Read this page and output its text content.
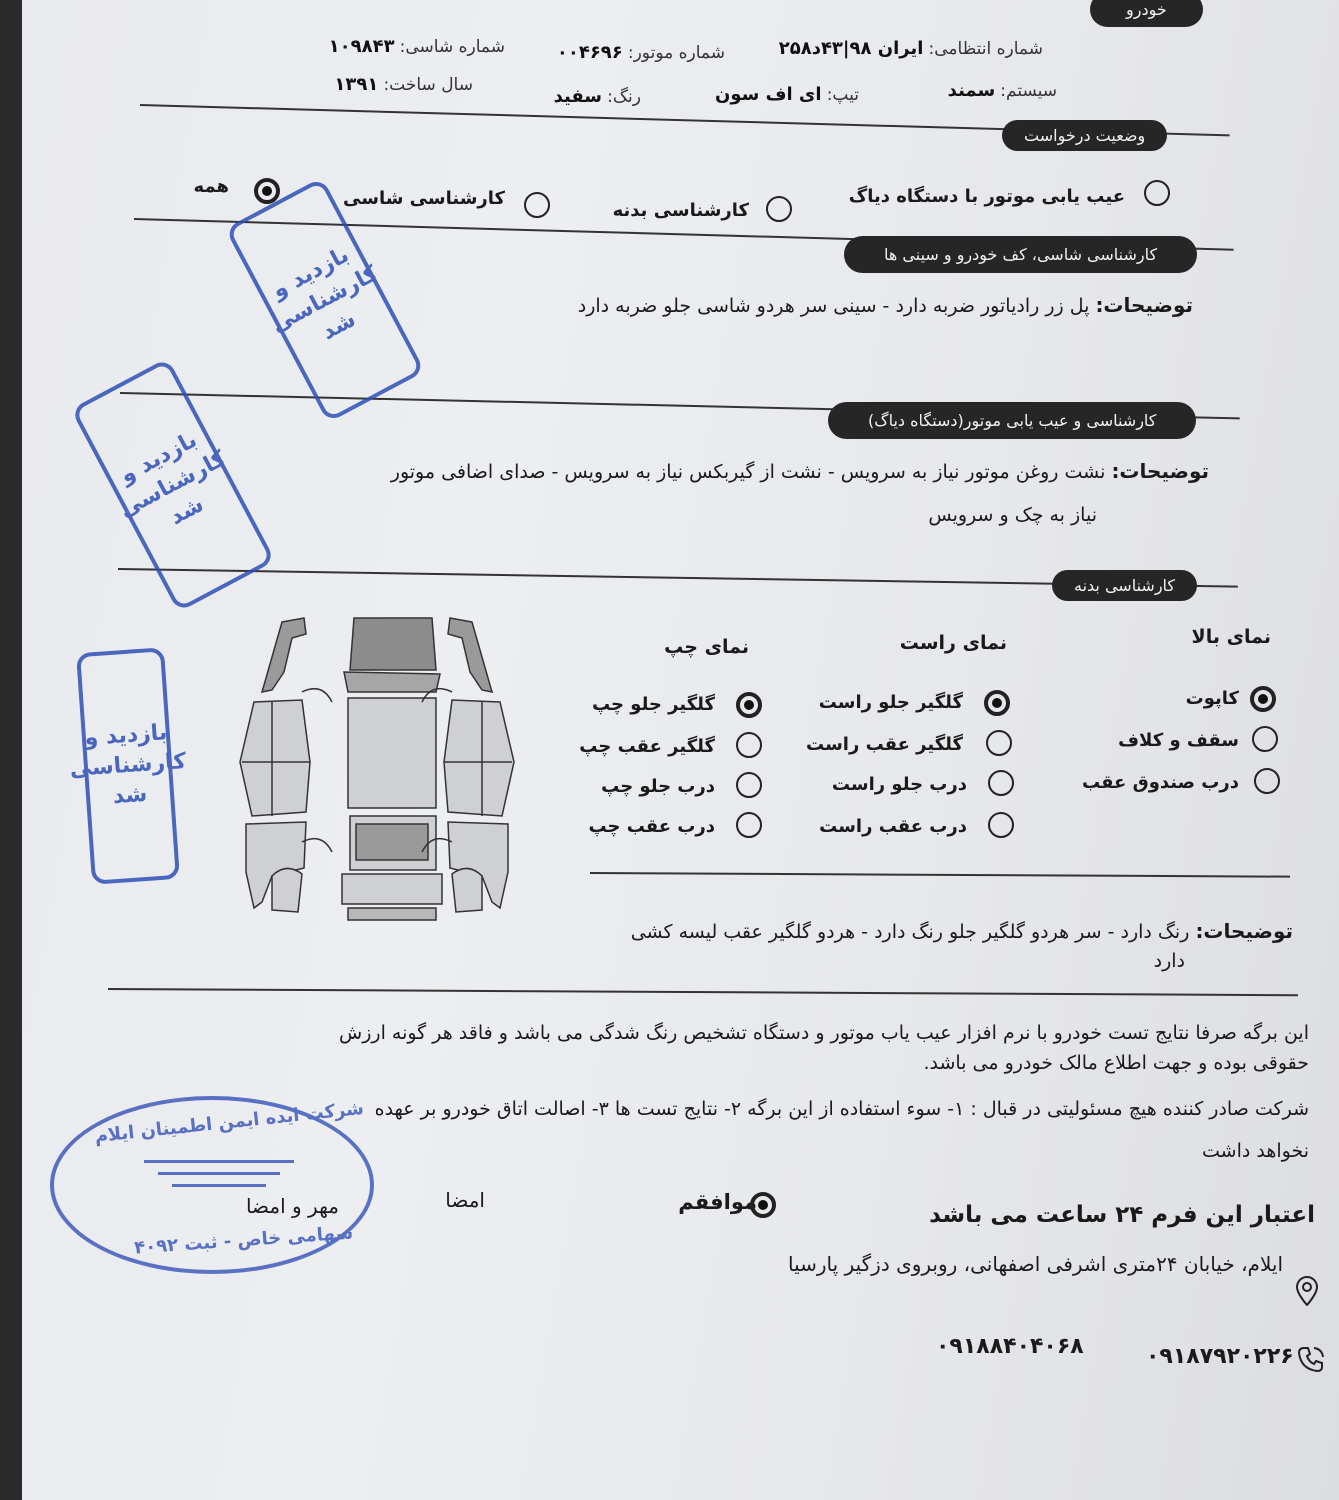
خودرو
شماره انتظامی: ایران ۹۸|۴۳د۲۵۸
شماره موتور: ۰۰۴۶۹۶
شماره شاسی: ۱۰۹۸۴۳
سیستم: سمند
تیپ: ای اف سون
رنگ: سفید
سال ساخت: ۱۳۹۱
وضعیت درخواست
عیب یابی موتور با دستگاه دیاگ
کارشناسی بدنه
کارشناسی شاسی
همه
کارشناسی شاسی، کف خودرو و سینی ها
توضیحات: پل زر رادیاتور ضربه دارد - سینی سر هردو شاسی جلو ضربه دارد
کارشناسی و عیب یابی موتور(دستگاه دیاگ)
توضیحات: نشت روغن موتور نیاز به سرویس - نشت از گیربکس نیاز به سرویس - صدای اضافی موتور
نیاز به چک و سرویس
کارشناسی بدنه
نمای بالا
نمای راست
نمای چپ
کاپوت
سقف و کلاف
درب صندوق عقب
گلگیر جلو راست
گلگیر عقب راست
درب جلو راست
درب عقب راست
گلگیر جلو چپ
گلگیر عقب چپ
درب جلو چپ
درب عقب چپ
توضیحات: رنگ دارد - سر هردو گلگیر جلو رنگ دارد - هردو گلگیر عقب لیسه کشی
دارد
این برگه صرفا نتایج تست خودرو با نرم افزار عیب یاب موتور و دستگاه تشخیص رنگ شدگی می باشد و فاقد هر گونه ارزش
حقوقی بوده و جهت اطلاع مالک خودرو می باشد.
شرکت صادر کننده هیچ مسئولیتی در قبال : ۱- سوء استفاده از این برگه ۲- نتایج تست ها ۳- اصالت اتاق خودرو بر عهده
نخواهد داشت
اعتبار این فرم ۲۴ ساعت می باشد
موافقم
امضا
مهر و امضا
ایلام، خیابان ۲۴متری اشرفی اصفهانی، روبروی دزگیر پارسیا
۰۹۱۸۷۹۲۰۲۲۶
۰۹۱۸۸۴۰۴۰۶۸
بازدید و کارشناسی شد
بازدید و کارشناسی شد
بازدید و کارشناسی شد
شرکت ایده ایمن اطمینان ایلام
سهامی خاص - ثبت ۴۰۹۲
